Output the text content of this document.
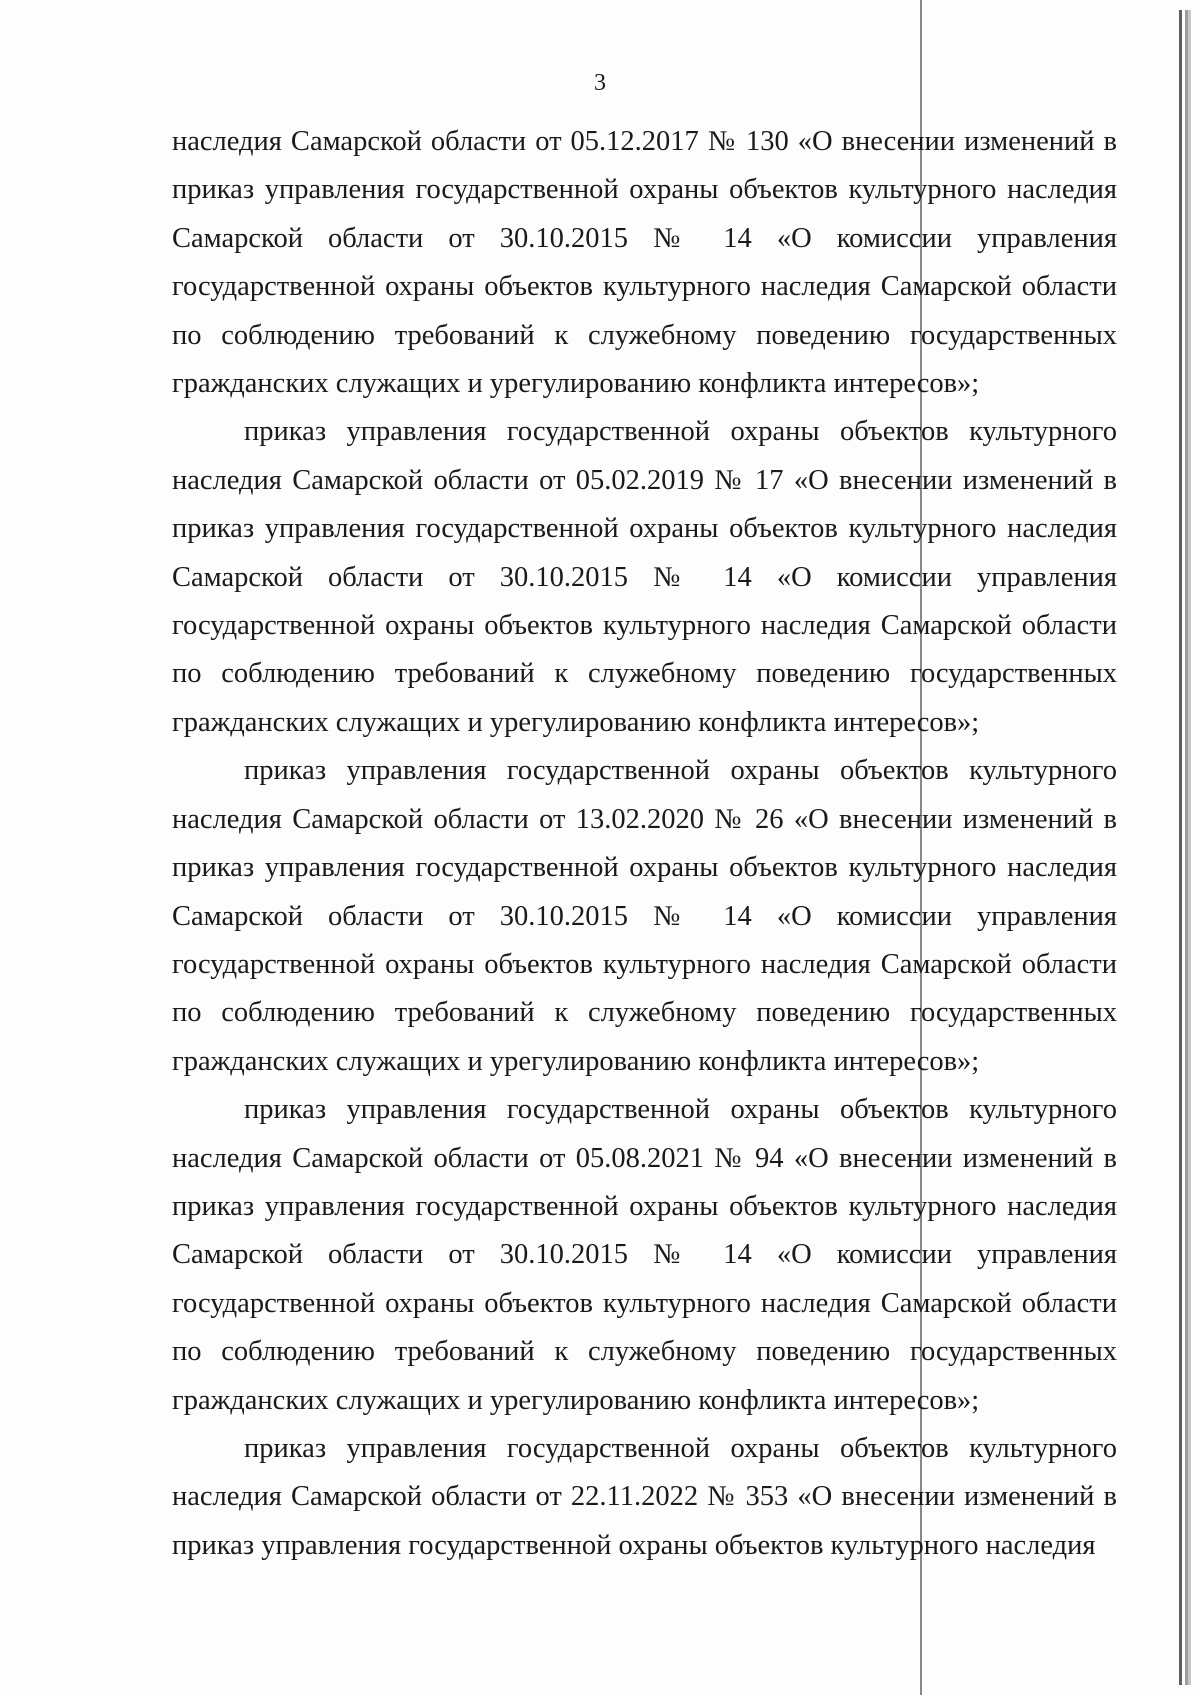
3

наследия Самарской области от 05.12.2017 № 130 «О внесении изменений в приказ управления государственной охраны объектов культурного наследия Самарской области от 30.10.2015 № 14 «О комиссии управления государственной охраны объектов культурного наследия Самарской области по соблюдению требований к служебному поведению государственных гражданских служащих и урегулированию конфликта интересов»;

приказ управления государственной охраны объектов культурного наследия Самарской области от 05.02.2019 № 17 «О внесении изменений в приказ управления государственной охраны объектов культурного наследия Самарской области от 30.10.2015 № 14 «О комиссии управления государственной охраны объектов культурного наследия Самарской области по соблюдению требований к служебному поведению государственных гражданских служащих и урегулированию конфликта интересов»;

приказ управления государственной охраны объектов культурного наследия Самарской области от 13.02.2020 № 26 «О внесении изменений в приказ управления государственной охраны объектов культурного наследия Самарской области от 30.10.2015 № 14 «О комиссии управления государственной охраны объектов культурного наследия Самарской области по соблюдению требований к служебному поведению государственных гражданских служащих и урегулированию конфликта интересов»;

приказ управления государственной охраны объектов культурного наследия Самарской области от 05.08.2021 № 94 «О внесении изменений в приказ управления государственной охраны объектов культурного наследия Самарской области от 30.10.2015 № 14 «О комиссии управления государственной охраны объектов культурного наследия Самарской области по соблюдению требований к служебному поведению государственных гражданских служащих и урегулированию конфликта интересов»;

приказ управления государственной охраны объектов культурного наследия Самарской области от 22.11.2022 № 353 «О внесении изменений в приказ управления государственной охраны объектов культурного наследия
